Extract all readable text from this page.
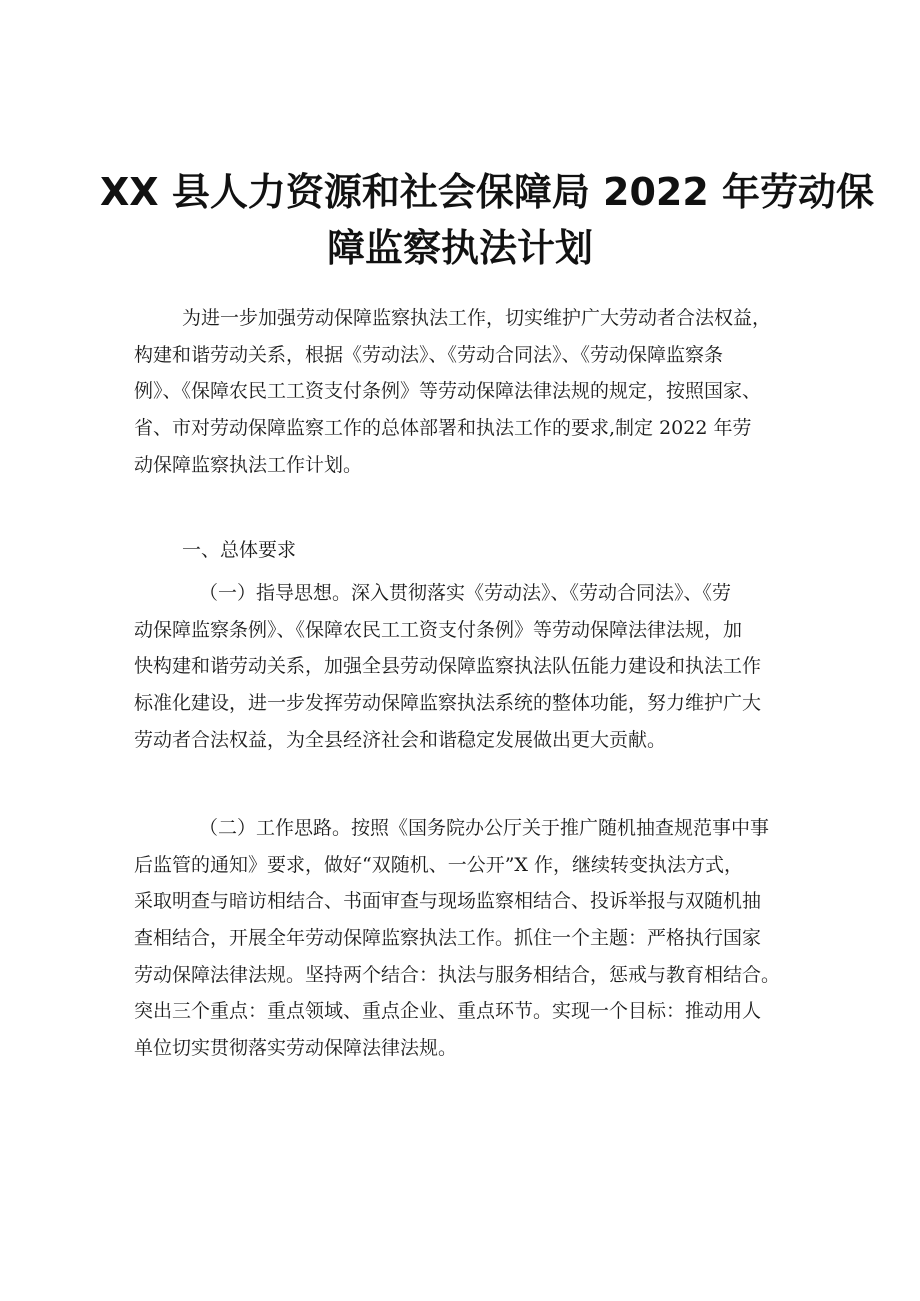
XX 县人力资源和社会保障局 2022 年劳动保
障监察执法计划
为进一步加强劳动保障监察执法工作，切实维护广大劳动者合法权益，
构建和谐劳动关系，根据《劳动法》、《劳动合同法》、《劳动保障监察条
例》、《保障农民工工资支付条例》等劳动保障法律法规的规定，按照国家、
省、市对劳动保障监察工作的总体部署和执法工作的要求,制定 2022 年劳
动保障监察执法工作计划。
一、总体要求
（一）指导思想。深入贯彻落实《劳动法》、《劳动合同法》、《劳
动保障监察条例》、《保障农民工工资支付条例》等劳动保障法律法规，加
快构建和谐劳动关系，加强全县劳动保障监察执法队伍能力建设和执法工作
标准化建设，进一步发挥劳动保障监察执法系统的整体功能，努力维护广大
劳动者合法权益，为全县经济社会和谐稳定发展做出更大贡献。
（二）工作思路。按照《国务院办公厅关于推广随机抽查规范事中事
后监管的通知》要求，做好“双随机、一公开”X 作，继续转变执法方式，
采取明查与暗访相结合、书面审查与现场监察相结合、投诉举报与双随机抽
查相结合，开展全年劳动保障监察执法工作。抓住一个主题：严格执行国家
劳动保障法律法规。坚持两个结合：执法与服务相结合，惩戒与教育相结合。
突出三个重点：重点领域、重点企业、重点环节。实现一个目标：推动用人
单位切实贯彻落实劳动保障法律法规。
